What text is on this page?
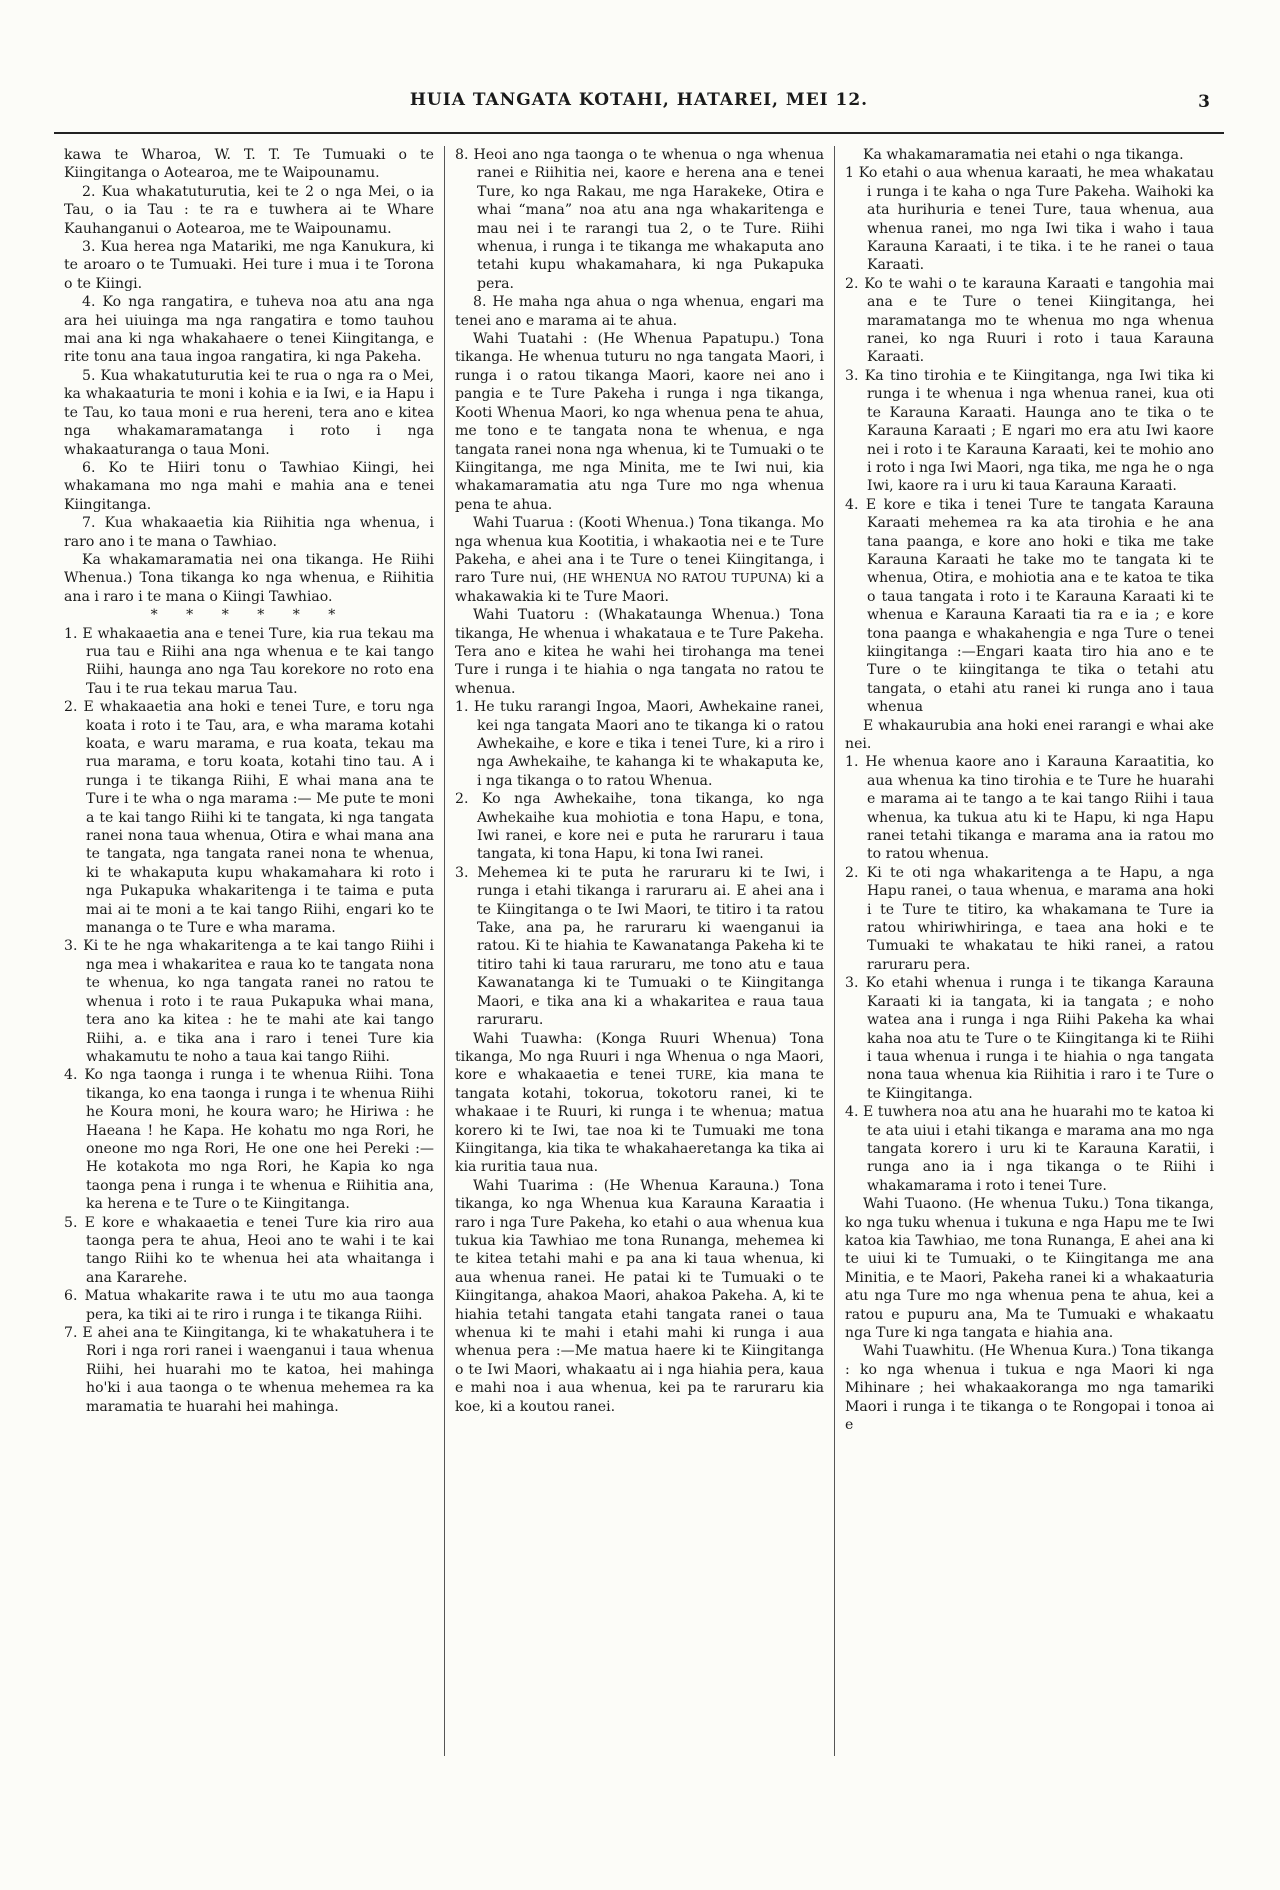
HUIA TANGATA KOTAHI, HATAREI, MEI 12.	3

kawa te Wharoa, W. T. T. Te Tumuaki o te Kiingitanga o Aotearoa, me te Waipounamu.

2. Kua whakatuturutia, kei te 2 o nga Mei, o ia Tau, o ia Tau : te ra e tuwhera ai te Whare Kauhanganui o Aotearoa, me te Waipounamu.

3. Kua herea nga Matariki, me nga Kanukura, ki te aroaro o te Tumuaki. Hei ture i mua i te Torona o te Kiingi.

4. Ko nga rangatira, e tuheva noa atu ana nga ara hei uiuinga ma nga rangatira e tomo tauhou mai ana ki nga whakahaere o tenei Kiingitanga, e rite tonu ana taua ingoa rangatira, ki nga Pakeha.

5. Kua whakatuturutia kei te rua o nga ra o Mei, ka whakaaturia te moni i kohia e ia Iwi, e ia Hapu i te Tau, ko taua moni e rua hereni, tera ano e kitea nga whakamaramatanga i roto i nga whakaaturanga o taua Moni.

6. Ko te Hiiri tonu o Tawhiao Kiingi, hei whakamana mo nga mahi e mahia ana e tenei Kiingitanga.

7. Kua whakaaetia kia Riihitia nga whenua, i raro ano i te mana o Tawhiao.

Ka whakamaramatia nei ona tikanga. He Riihi Whenua.) Tona tikanga ko nga whenua, e Riihitia ana i raro i te mana o Kiingi Tawhiao.

* * * * * *

1. E whakaaetia ana e tenei Ture, kia rua tekau ma rua tau e Riihi ana nga whenua e te kai tango Riihi, haunga ano nga Tau korekore no roto ena Tau i te rua tekau marua Tau.

2. E whakaaetia ana hoki e tenei Ture, e toru nga koata i roto i te Tau, ara, e wha marama kotahi koata, e waru marama, e rua koata, tekau ma rua marama, e toru koata, kotahi tino tau. A i runga i te tikanga Riihi, E whai mana ana te Ture i te wha o nga marama :— Me pute te moni a te kai tango Riihi ki te tangata, ki nga tangata ranei nona taua whenua, Otira e whai mana ana te tangata, nga tangata ranei nona te whenua, ki te whakaputa kupu whakamahara ki roto i nga Pukapuka whakaritenga i te taima e puta mai ai te moni a te kai tango Riihi, engari ko te mananga o te Ture e wha marama.

3. Ki te he nga whakaritenga a te kai tango Riihi i nga mea i whakaritea e raua ko te tangata nona te whenua, ko nga tangata ranei no ratou te whenua i roto i te raua Pukapuka whai mana, tera ano ka kitea : he te mahi ate kai tango Riihi, a. e tika ana i raro i tenei Ture kia whakamutu te noho a taua kai tango Riihi.

4. Ko nga taonga i runga i te whenua Riihi. Tona tikanga, ko ena taonga i runga i te whenua Riihi he Koura moni, he koura waro; he Hiriwa : he Haeana ! he Kapa. He kohatu mo nga Rori, he oneone mo nga Rori, He one one hei Pereki :—He kotakota mo nga Rori, he Kapia ko nga taonga pena i runga i te whenua e Riihitia ana, ka herena e te Ture o te Kiingitanga.

5. E kore e whakaaetia e tenei Ture kia riro aua taonga pera te ahua, Heoi ano te wahi i te kai tango Riihi ko te whenua hei ata whaitanga i ana Kararehe.

6. Matua whakarite rawa i te utu mo aua taonga pera, ka tiki ai te riro i runga i te tikanga Riihi.

7. E ahei ana te Kiingitanga, ki te whakatuhera i te Rori i nga rori ranei i waenganui i taua whenua Riihi, hei huarahi mo te katoa, hei mahinga ho'ki i aua taonga o te whenua mehemea ra ka maramatia te huarahi hei mahinga.

8. Heoi ano nga taonga o te whenua o nga whenua ranei e Riihitia nei, kaore e herena ana e tenei Ture, ko nga Rakau, me nga Harakeke, Otira e whai “mana” noa atu ana nga whakaritenga e mau nei i te rarangi tua 2, o te Ture. Riihi whenua, i runga i te tikanga me whakaputa ano tetahi kupu whakamahara, ki nga Pukapuka pera.

8. He maha nga ahua o nga whenua, engari ma tenei ano e marama ai te ahua.

Wahi Tuatahi : (He Whenua Papatupu.) Tona tikanga. He whenua tuturu no nga tangata Maori, i runga i o ratou tikanga Maori, kaore nei ano i pangia e te Ture Pakeha i runga i nga tikanga, Kooti Whenua Maori, ko nga whenua pena te ahua, me tono e te tangata nona te whenua, e nga tangata ranei nona nga whenua, ki te Tumuaki o te Kiingitanga, me nga Minita, me te Iwi nui, kia whakamaramatia atu nga Ture mo nga whenua pena te ahua.

Wahi Tuarua : (Kooti Whenua.) Tona tikanga. Mo nga whenua kua Kootitia, i whakaotia nei e te Ture Pakeha, e ahei ana i te Ture o tenei Kiingitanga, i raro Ture nui, (HE WHENUA NO RATOU TUPUNA) ki a whakawakia ki te Ture Maori.

Wahi Tuatoru : (Whakataunga Whenua.) Tona tikanga, He whenua i whakataua e te Ture Pakeha. Tera ano e kitea he wahi hei tirohanga ma tenei Ture i runga i te hiahia o nga tangata no ratou te whenua.

1. He tuku rarangi Ingoa, Maori, Awhekaine ranei, kei nga tangata Maori ano te tikanga ki o ratou Awhekaihe, e kore e tika i tenei Ture, ki a riro i nga Awhekaihe, te kahanga ki te whakaputa ke, i nga tikanga o to ratou Whenua.

2. Ko nga Awhekaihe, tona tikanga, ko nga Awhekaihe kua mohiotia e tona Hapu, e tona, Iwi ranei, e kore nei e puta he raruraru i taua tangata, ki tona Hapu, ki tona Iwi ranei.

3. Mehemea ki te puta he raruraru ki te Iwi, i runga i etahi tikanga i raruraru ai. E ahei ana i te Kiingitanga o te Iwi Maori, te titiro i ta ratou Take, ana pa, he raruraru ki waenganui ia ratou. Ki te hiahia te Kawanatanga Pakeha ki te titiro tahi ki taua raruraru, me tono atu e taua Kawanatanga ki te Tumuaki o te Kiingitanga Maori, e tika ana ki a whakaritea e raua taua raruraru.

Wahi Tuawha: (Konga Ruuri Whenua) Tona tikanga, Mo nga Ruuri i nga Whenua o nga Maori, kore e whakaaetia e tenei TURE, kia mana te tangata kotahi, tokorua, tokotoru ranei, ki te whakaae i te Ruuri, ki runga i te whenua; matua korero ki te Iwi, tae noa ki te Tumuaki me tona Kiingitanga, kia tika te whakahaeretanga ka tika ai kia ruritia taua nua.

Wahi Tuarima : (He Whenua Karauna.) Tona tikanga, ko nga Whenua kua Karauna Karaatia i raro i nga Ture Pakeha, ko etahi o aua whenua kua tukua kia Tawhiao me tona Runanga, mehemea ki te kitea tetahi mahi e pa ana ki taua whenua, ki aua whenua ranei. He patai ki te Tumuaki o te Kiingitanga, ahakoa Maori, ahakoa Pakeha. A, ki te hiahia tetahi tangata etahi tangata ranei o taua whenua ki te mahi i etahi mahi ki runga i aua whenua pera :—Me matua haere ki te Kiingitanga o te Iwi Maori, whakaatu ai i nga hiahia pera, kaua e mahi noa i aua whenua, kei pa te raruraru kia koe, ki a koutou ranei.

Ka whakamaramatia nei etahi o nga tikanga.

1 Ko etahi o aua whenua karaati, he mea whakatau i runga i te kaha o nga Ture Pakeha. Waihoki ka ata hurihuria e tenei Ture, taua whenua, aua whenua ranei, mo nga Iwi tika i waho i taua Karauna Karaati, i te tika. i te he ranei o taua Karaati.

2. Ko te wahi o te karauna Karaati e tangohia mai ana e te Ture o tenei Kiingitanga, hei maramatanga mo te whenua mo nga whenua ranei, ko nga Ruuri i roto i taua Karauna Karaati.

3. Ka tino tirohia e te Kiingitanga, nga Iwi tika ki runga i te whenua i nga whenua ranei, kua oti te Karauna Karaati. Haunga ano te tika o te Karauna Karaati ; E ngari mo era atu Iwi kaore nei i roto i te Karauna Karaati, kei te mohio ano i roto i nga Iwi Maori, nga tika, me nga he o nga Iwi, kaore ra i uru ki taua Karauna Karaati.

4. E kore e tika i tenei Ture te tangata Karauna Karaati mehemea ra ka ata tirohia e he ana tana paanga, e kore ano hoki e tika me take Karauna Karaati he take mo te tangata ki te whenua, Otira, e mohiotia ana e te katoa te tika o taua tangata i roto i te Karauna Karaati ki te whenua e Karauna Karaati tia ra e ia ; e kore tona paanga e whakahengia e nga Ture o tenei kiingitanga :—Engari kaata tiro hia ano e te Ture o te kiingitanga te tika o tetahi atu tangata, o etahi atu ranei ki runga ano i taua whenua

E whakaurubia ana hoki enei rarangi e whai ake nei.

1. He whenua kaore ano i Karauna Karaatitia, ko aua whenua ka tino tirohia e te Ture he huarahi e marama ai te tango a te kai tango Riihi i taua whenua, ka tukua atu ki te Hapu, ki nga Hapu ranei tetahi tikanga e marama ana ia ratou mo to ratou whenua.

2. Ki te oti nga whakaritenga a te Hapu, a nga Hapu ranei, o taua whenua, e marama ana hoki i te Ture te titiro, ka whakamana te Ture ia ratou whiriwhiringa, e taea ana hoki e te Tumuaki te whakatau te hiki ranei, a ratou raruraru pera.

3. Ko etahi whenua i runga i te tikanga Karauna Karaati ki ia tangata, ki ia tangata ; e noho watea ana i runga i nga Riihi Pakeha ka whai kaha noa atu te Ture o te Kiingitanga ki te Riihi i taua whenua i runga i te hiahia o nga tangata nona taua whenua kia Riihitia i raro i te Ture o te Kiingitanga.

4. E tuwhera noa atu ana he huarahi mo te katoa ki te ata uiui i etahi tikanga e marama ana mo nga tangata korero i uru ki te Karauna Karatii, i runga ano ia i nga tikanga o te Riihi i whakamarama i roto i tenei Ture.

Wahi Tuaono. (He whenua Tuku.) Tona tikanga, ko nga tuku whenua i tukuna e nga Hapu me te Iwi katoa kia Tawhiao, me tona Runanga, E ahei ana ki te uiui ki te Tumuaki, o te Kiingitanga me ana Minitia, e te Maori, Pakeha ranei ki a whakaaturia atu nga Ture mo nga whenua pena te ahua, kei a ratou e pupuru ana, Ma te Tumuaki e whakaatu nga Ture ki nga tangata e hiahia ana.

Wahi Tuawhitu. (He Whenua Kura.) Tona tikanga : ko nga whenua i tukua e nga Maori ki nga Mihinare ; hei whakaakoranga mo nga tamariki Maori i runga i te tikanga o te Rongopai i tonoa ai e
